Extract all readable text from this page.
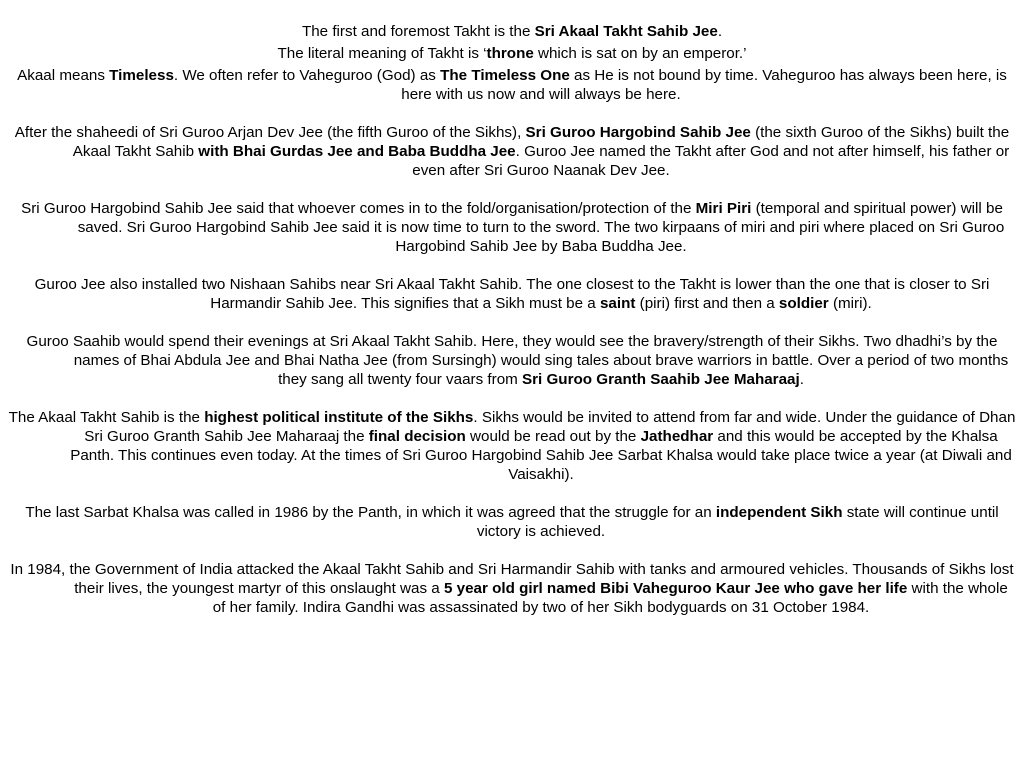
The first and foremost Takht is the Sri Akaal Takht Sahib Jee.

The literal meaning of Takht is ‘throne which is sat on by an emperor.’

Akaal means Timeless. We often refer to Vaheguroo (God) as The Timeless One as He is not bound by time. Vaheguroo has always been here, is here with us now and will always be here.

After the shaheedi of Sri Guroo Arjan Dev Jee (the fifth Guroo of the Sikhs), Sri Guroo Hargobind Sahib Jee (the sixth Guroo of the Sikhs) built the Akaal Takht Sahib with Bhai Gurdas Jee and Baba Buddha Jee. Guroo Jee named the Takht after God and not after himself, his father or even after Sri Guroo Naanak Dev Jee.

Sri Guroo Hargobind Sahib Jee said that whoever comes in to the fold/organisation/protection of the Miri Piri (temporal and spiritual power) will be saved. Sri Guroo Hargobind Sahib Jee said it is now time to turn to the sword. The two kirpaans of miri and piri where placed on Sri Guroo Hargobind Sahib Jee by Baba Buddha Jee.

Guroo Jee also installed two Nishaan Sahibs near Sri Akaal Takht Sahib. The one closest to the Takht is lower than the one that is closer to Sri Harmandir Sahib Jee. This signifies that a Sikh must be a saint (piri) first and then a soldier (miri).

Guroo Saahib would spend their evenings at Sri Akaal Takht Sahib. Here, they would see the bravery/strength of their Sikhs. Two dhadhi’s by the names of Bhai Abdula Jee and Bhai Natha Jee (from Sursingh) would sing tales about brave warriors in battle. Over a period of two months they sang all twenty four vaars from Sri Guroo Granth Saahib Jee Maharaaj.

The Akaal Takht Sahib is the highest political institute of the Sikhs. Sikhs would be invited to attend from far and wide. Under the guidance of Dhan Sri Guroo Granth Sahib Jee Maharaaj the final decision would be read out by the Jathedhar and this would be accepted by the Khalsa Panth. This continues even today. At the times of Sri Guroo Hargobind Sahib Jee Sarbat Khalsa would take place twice a year (at Diwali and Vaisakhi).

The last Sarbat Khalsa was called in 1986 by the Panth, in which it was agreed that the struggle for an independent Sikh state will continue until victory is achieved.

In 1984, the Government of India attacked the Akaal Takht Sahib and Sri Harmandir Sahib with tanks and armoured vehicles. Thousands of Sikhs lost their lives, the youngest martyr of this onslaught was a 5 year old girl named Bibi Vaheguroo Kaur Jee who gave her life with the whole of her family. Indira Gandhi was assassinated by two of her Sikh bodyguards on 31 October 1984.
